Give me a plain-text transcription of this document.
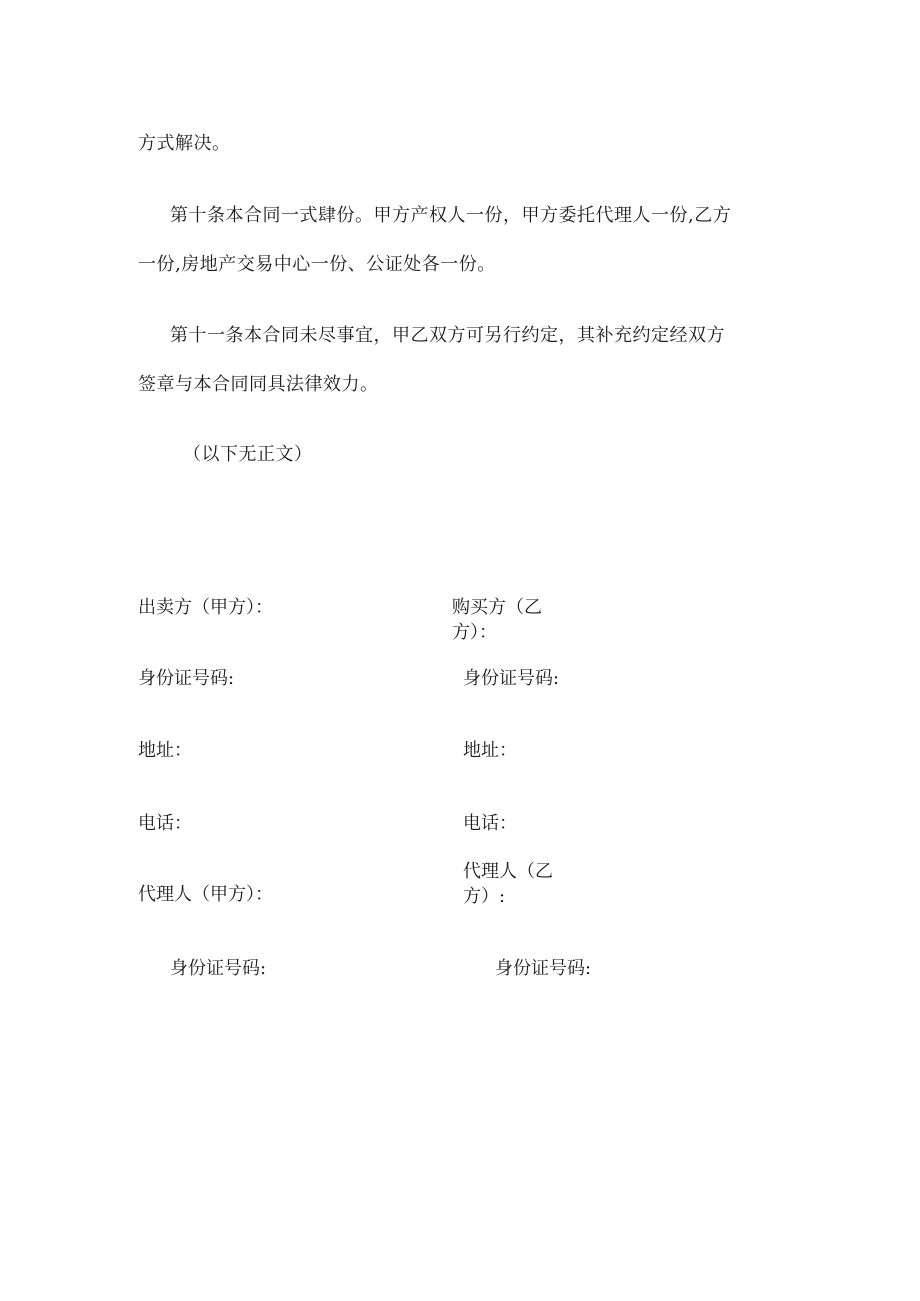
方式解决。
第十条本合同一式肆份。甲方产权人一份，甲方委托代理人一份,乙方
一份,房地产交易中心一份、公证处各一份。
第十一条本合同未尽事宜，甲乙双方可另行约定，其补充约定经双方
签章与本合同同具法律效力。
（以下无正文）
出卖方（甲方）：
身份证号码:
地址：
电话：
代理人（甲方）：
身份证号码:
购买方（乙
方）：
身份证号码:
地址：
电话：
代理人（乙
方）:
身份证号码:
